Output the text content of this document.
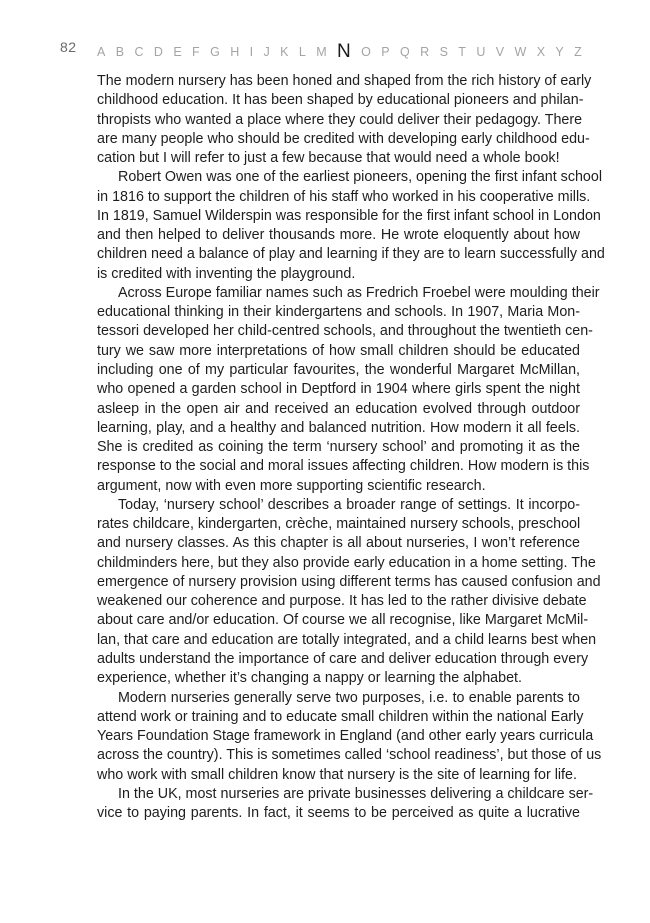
82 A B C D E F G H I J K L M N O P Q R S T U V W X Y Z
The modern nursery has been honed and shaped from the rich history of early
childhood education. It has been shaped by educational pioneers and philan-
thropists who wanted a place where they could deliver their pedagogy. There
are many people who should be credited with developing early childhood edu-
cation but I will refer to just a few because that would need a whole book!
Robert Owen was one of the earliest pioneers, opening the first infant school
in 1816 to support the children of his staff who worked in his cooperative mills.
In 1819, Samuel Wilderspin was responsible for the first infant school in London
and then helped to deliver thousands more. He wrote eloquently about how
children need a balance of play and learning if they are to learn successfully and
is credited with inventing the playground.
Across Europe familiar names such as Fredrich Froebel were moulding their
educational thinking in their kindergartens and schools. In 1907, Maria Mon-
tessori developed her child-centred schools, and throughout the twentieth cen-
tury we saw more interpretations of how small children should be educated
including one of my particular favourites, the wonderful Margaret McMillan,
who opened a garden school in Deptford in 1904 where girls spent the night
asleep in the open air and received an education evolved through outdoor
learning, play, and a healthy and balanced nutrition. How modern it all feels.
She is credited as coining the term ‘nursery school’ and promoting it as the
response to the social and moral issues affecting children. How modern is this
argument, now with even more supporting scientific research.
Today, ‘nursery school’ describes a broader range of settings. It incorpo-
rates childcare, kindergarten, crèche, maintained nursery schools, preschool
and nursery classes. As this chapter is all about nurseries, I won’t reference
childminders here, but they also provide early education in a home setting. The
emergence of nursery provision using different terms has caused confusion and
weakened our coherence and purpose. It has led to the rather divisive debate
about care and/or education. Of course we all recognise, like Margaret McMil-
lan, that care and education are totally integrated, and a child learns best when
adults understand the importance of care and deliver education through every
experience, whether it’s changing a nappy or learning the alphabet.
Modern nurseries generally serve two purposes, i.e. to enable parents to
attend work or training and to educate small children within the national Early
Years Foundation Stage framework in England (and other early years curricula
across the country). This is sometimes called ‘school readiness’, but those of us
who work with small children know that nursery is the site of learning for life.
In the UK, most nurseries are private businesses delivering a childcare ser-
vice to paying parents. In fact, it seems to be perceived as quite a lucrative
